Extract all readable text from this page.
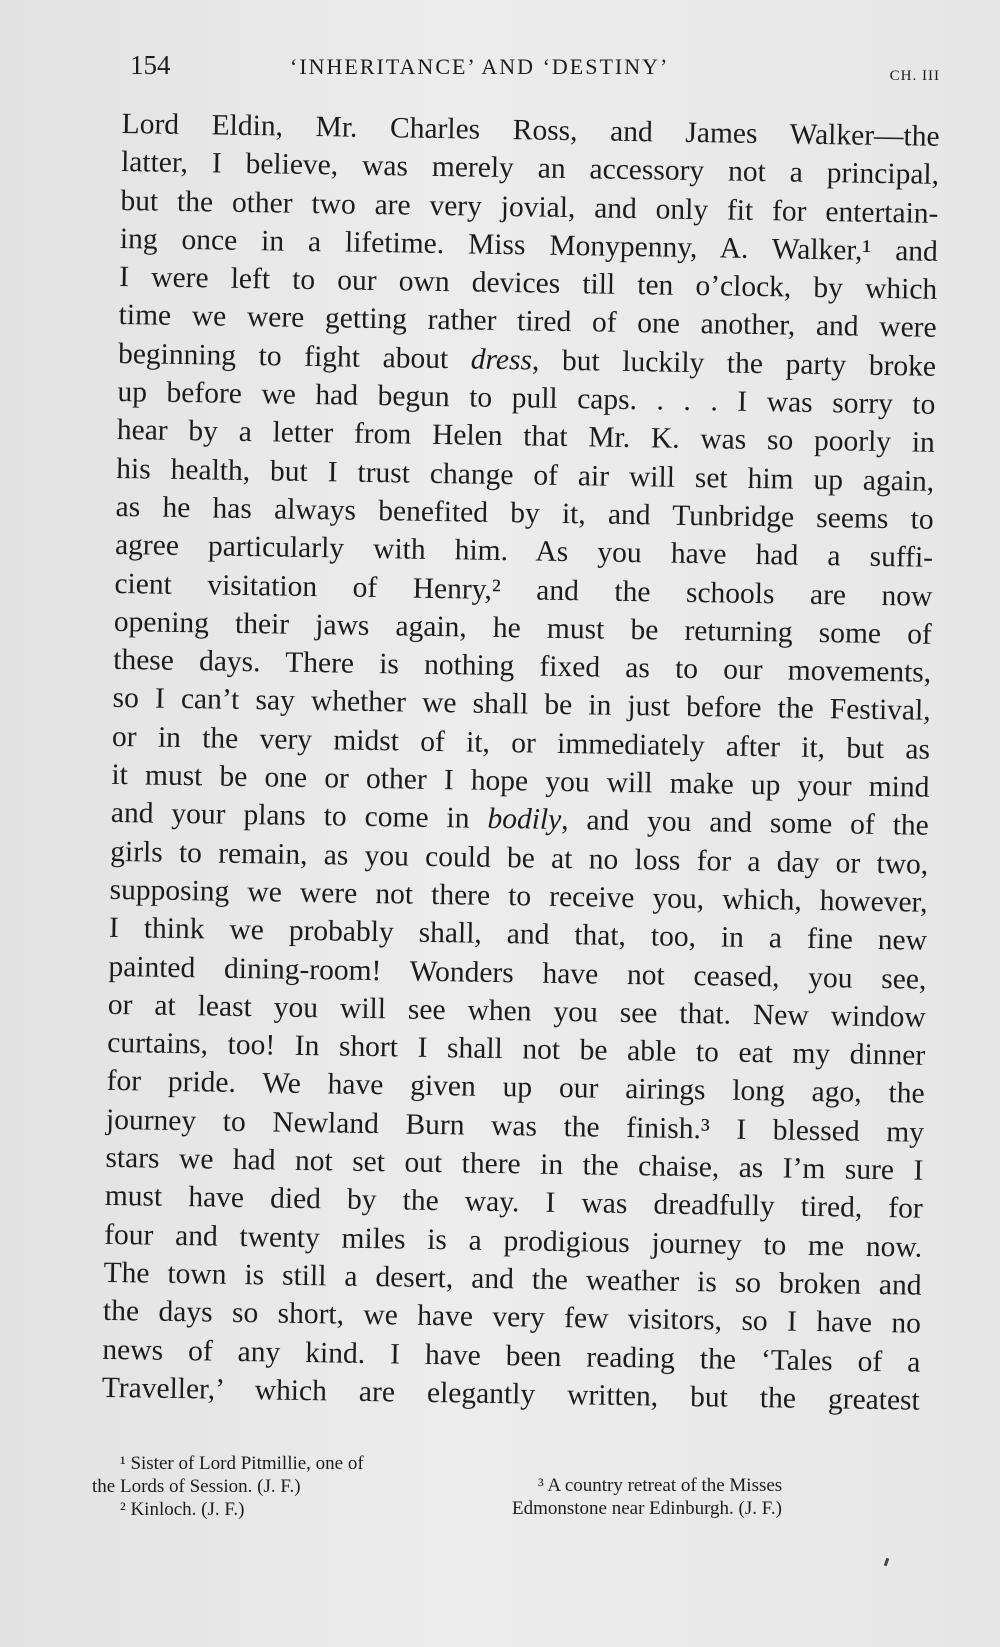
154	‘INHERITANCE’ AND ‘DESTINY’	CH. III
Lord Eldin, Mr. Charles Ross, and James Walker—the
latter, I believe, was merely an accessory not a principal,
but the other two are very jovial, and only fit for entertain-
ing once in a lifetime. Miss Monypenny, A. Walker,¹ and
I were left to our own devices till ten o’clock, by which
time we were getting rather tired of one another, and were
beginning to fight about dress, but luckily the party broke
up before we had begun to pull caps. . . . I was sorry to
hear by a letter from Helen that Mr. K. was so poorly in
his health, but I trust change of air will set him up again,
as he has always benefited by it, and Tunbridge seems to
agree particularly with him. As you have had a suffi-
cient visitation of Henry,² and the schools are now
opening their jaws again, he must be returning some of
these days. There is nothing fixed as to our movements,
so I can’t say whether we shall be in just before the Festival,
or in the very midst of it, or immediately after it, but as
it must be one or other I hope you will make up your mind
and your plans to come in bodily, and you and some of the
girls to remain, as you could be at no loss for a day or two,
supposing we were not there to receive you, which, however,
I think we probably shall, and that, too, in a fine new
painted dining-room! Wonders have not ceased, you see,
or at least you will see when you see that. New window
curtains, too! In short I shall not be able to eat my dinner
for pride. We have given up our airings long ago, the
journey to Newland Burn was the finish.³ I blessed my
stars we had not set out there in the chaise, as I’m sure I
must have died by the way. I was dreadfully tired, for
four and twenty miles is a prodigious journey to me now.
The town is still a desert, and the weather is so broken and
the days so short, we have very few visitors, so I have no
news of any kind. I have been reading the ‘Tales of a
Traveller,’ which are elegantly written, but the greatest
¹ Sister of Lord Pitmillie, one of
the Lords of Session. (J. F.)
² Kinloch. (J. F.)
³ A country retreat of the Misses
Edmonstone near Edinburgh. (J. F.)
